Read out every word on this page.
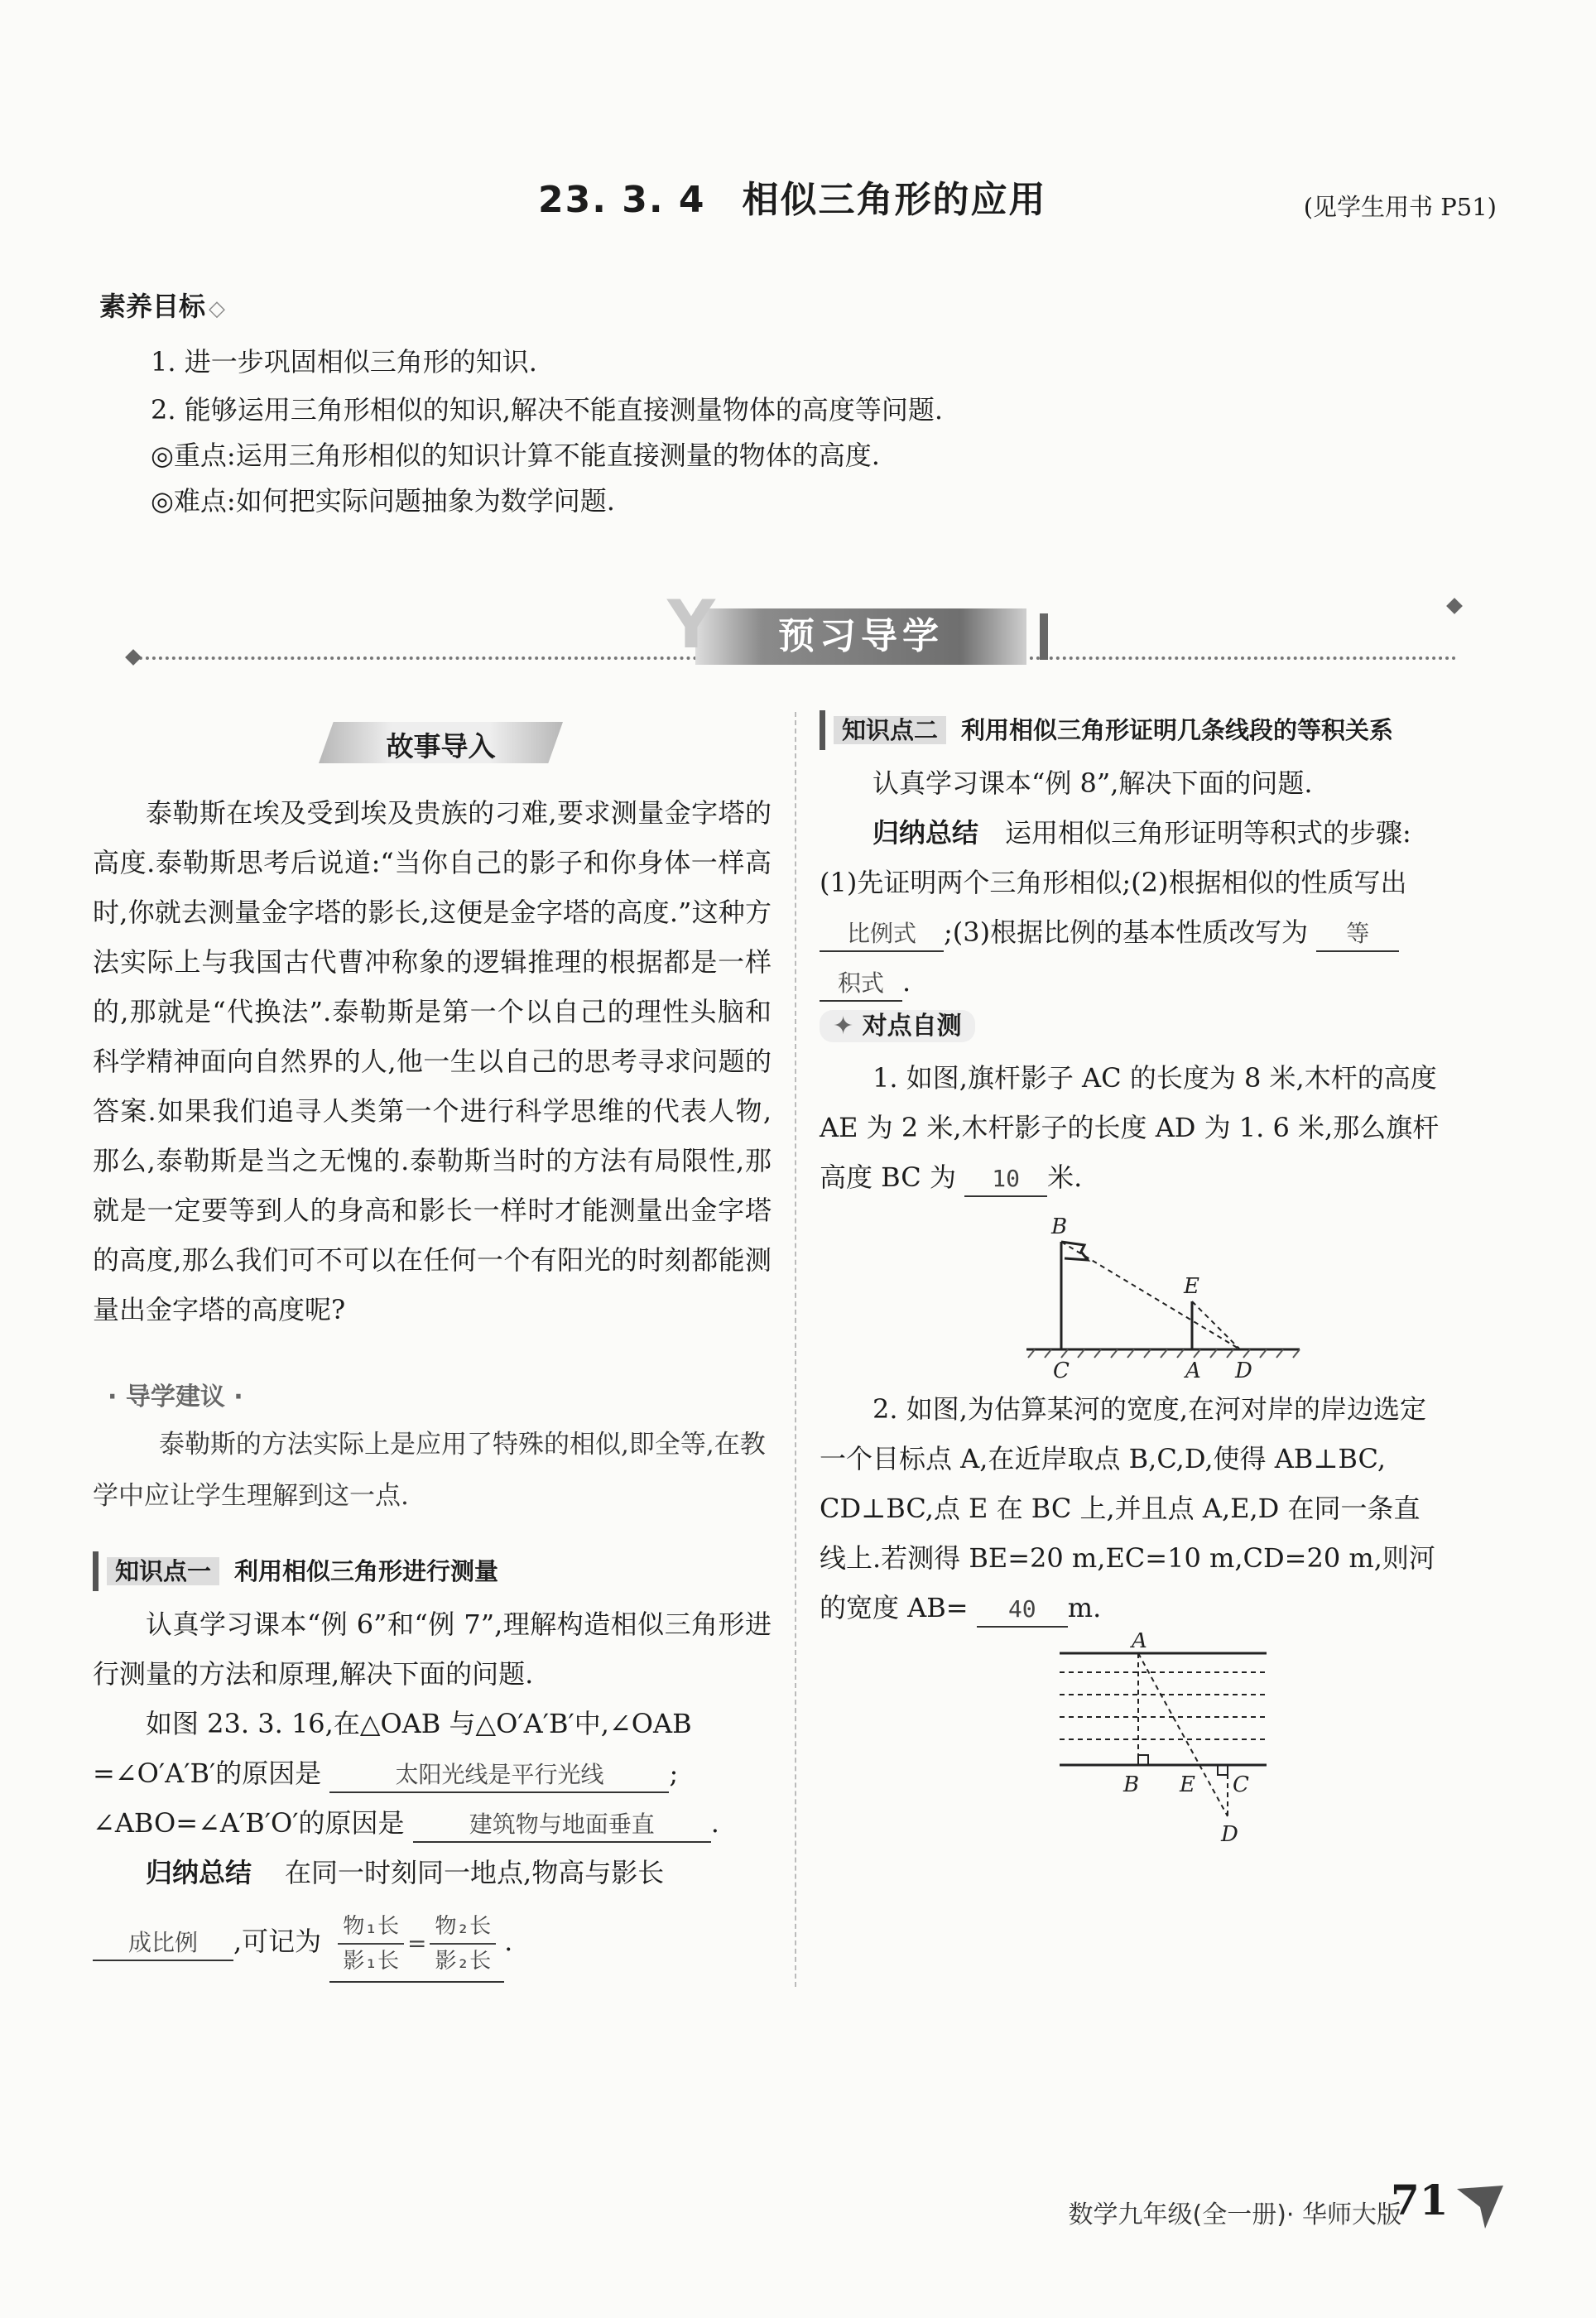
23. 3. 4 相似三角形的应用	(见学生用书 P51)
素养目标 ◇
1. 进一步巩固相似三角形的知识.
2. 能够运用三角形相似的知识,解决不能直接测量物体的高度等问题.
◎重点:运用三角形相似的知识计算不能直接测量的物体的高度.
◎难点:如何把实际问题抽象为数学问题.
Y 预习导学
故事导入
泰勒斯在埃及受到埃及贵族的刁难,要求测量金字塔的高度.泰勒斯思考后说道:“当你自己的影子和你身体一样高时,你就去测量金字塔的影长,这便是金字塔的高度.”这种方法实际上与我国古代曹冲称象的逻辑推理的根据都是一样的,那就是“代换法”.泰勒斯是第一个以自己的理性头脑和科学精神面向自然界的人,他一生以自己的思考寻求问题的答案.如果我们追寻人类第一个进行科学思维的代表人物,那么,泰勒斯是当之无愧的.泰勒斯当时的方法有局限性,那就是一定要等到人的身高和影长一样时才能测量出金字塔的高度,那么我们可不可以在任何一个有阳光的时刻都能测量出金字塔的高度呢?
· 导学建议 ·
泰勒斯的方法实际上是应用了特殊的相似,即全等,在教学中应让学生理解到这一点.
知识点一 利用相似三角形进行测量
认真学习课本“例 6”和“例 7”,理解构造相似三角形进行测量的方法和原理,解决下面的问题.
如图 23. 3. 16,在△OAB 与△O′A′B′中,∠OAB
=∠O′A′B′的原因是	太阳光线是平行光线 ;
∠ABO=∠A′B′O′的原因是	建筑物与地面垂直 .
归纳总结 在同一时刻同一地点,物高与影长
成比例 ,可记为 $\frac{\text{物₁长}}{\text{影₁长}} = \frac{\text{物₂长}}{\text{影₂长}}$ .
知识点二 利用相似三角形证明几条线段的等积关系
认真学习课本“例 8”,解决下面的问题.
归纳总结 运用相似三角形证明等积式的步骤:
(1)先证明两个三角形相似;(2)根据相似的性质写出
比例式 ;(3)根据比例的基本性质改写为 等
积式 .
✦ 对点自测
1. 如图,旗杆影子 AC 的长度为 8 米,木杆的高度
AE 为 2 米,木杆影子的长度 AD 为 1. 6 米,那么旗杆
高度 BC 为 10 米.
B
E
C	A D
2. 如图,为估算某河的宽度,在河对岸的岸边选定
一个目标点 A,在近岸取点 B,C,D,使得 AB⊥BC,
CD⊥BC,点 E 在 BC 上,并且点 A,E,D 在同一条直
线上.若测得 BE=20 m,EC=10 m,CD=20 m,则河
的宽度 AB= 40 m.
A
B E C
D
数学九年级(全一册)· 华师大版
71
